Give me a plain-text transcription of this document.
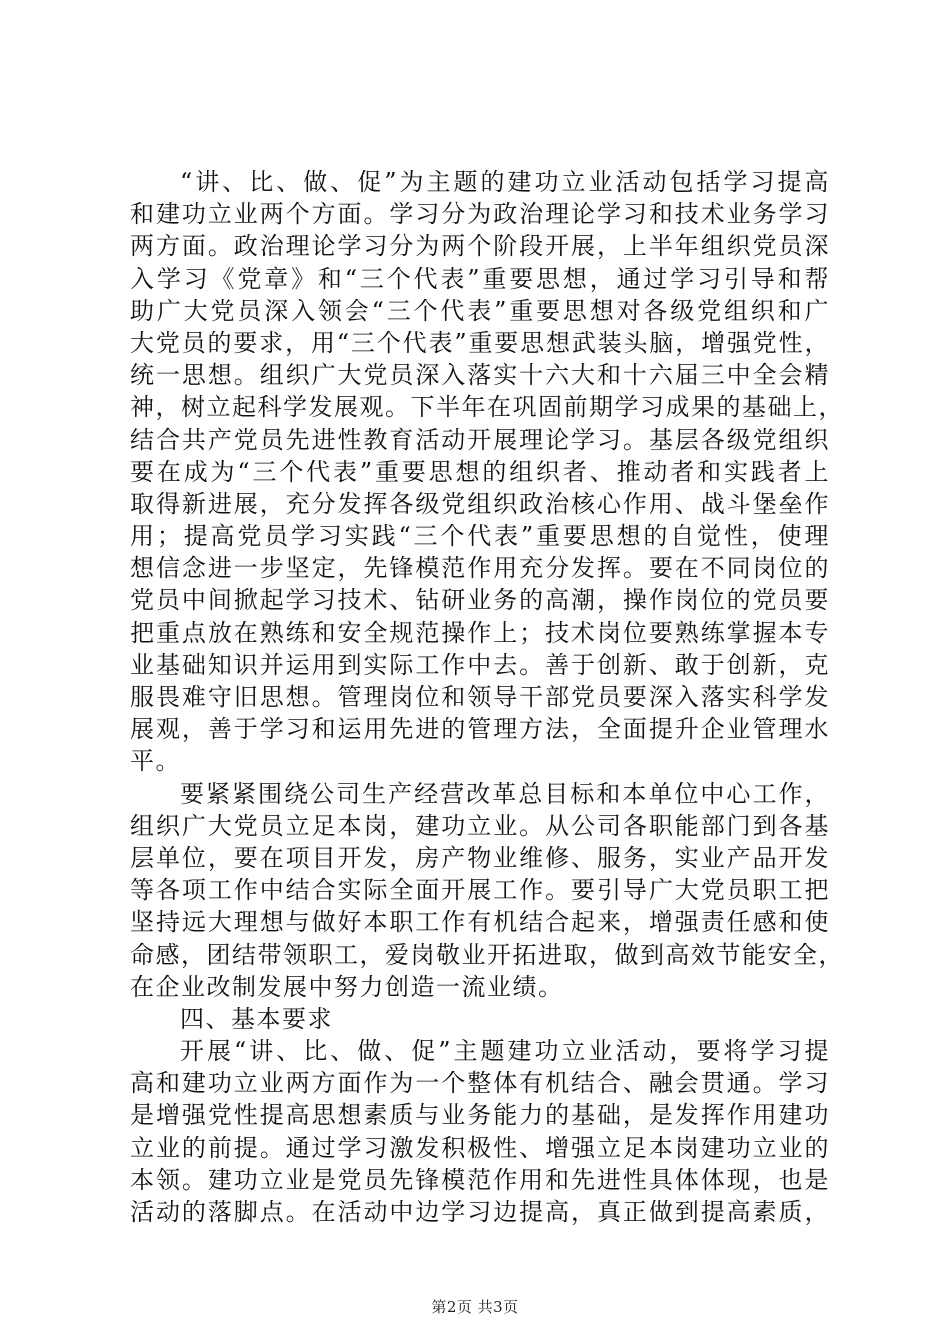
“讲、比、做、促”为主题的建功立业活动包括学习提高
和建功立业两个方面。学习分为政治理论学习和技术业务学习
两方面。政治理论学习分为两个阶段开展，上半年组织党员深
入学习《党章》和“三个代表”重要思想，通过学习引导和帮
助广大党员深入领会“三个代表”重要思想对各级党组织和广
大党员的要求，用“三个代表”重要思想武装头脑，增强党性，
统一思想。组织广大党员深入落实十六大和十六届三中全会精
神，树立起科学发展观。下半年在巩固前期学习成果的基础上，
结合共产党员先进性教育活动开展理论学习。基层各级党组织
要在成为“三个代表”重要思想的组织者、推动者和实践者上
取得新进展，充分发挥各级党组织政治核心作用、战斗堡垒作
用；提高党员学习实践“三个代表”重要思想的自觉性，使理
想信念进一步坚定，先锋模范作用充分发挥。要在不同岗位的
党员中间掀起学习技术、钻研业务的高潮，操作岗位的党员要
把重点放在熟练和安全规范操作上；技术岗位要熟练掌握本专
业基础知识并运用到实际工作中去。善于创新、敢于创新，克
服畏难守旧思想。管理岗位和领导干部党员要深入落实科学发
展观，善于学习和运用先进的管理方法，全面提升企业管理水
平。
要紧紧围绕公司生产经营改革总目标和本单位中心工作，
组织广大党员立足本岗，建功立业。从公司各职能部门到各基
层单位，要在项目开发，房产物业维修、服务，实业产品开发
等各项工作中结合实际全面开展工作。要引导广大党员职工把
坚持远大理想与做好本职工作有机结合起来，增强责任感和使
命感，团结带领职工，爱岗敬业开拓进取，做到高效节能安全，
在企业改制发展中努力创造一流业绩。
四、基本要求
开展“讲、比、做、促”主题建功立业活动，要将学习提
高和建功立业两方面作为一个整体有机结合、融会贯通。学习
是增强党性提高思想素质与业务能力的基础，是发挥作用建功
立业的前提。通过学习激发积极性、增强立足本岗建功立业的
本领。建功立业是党员先锋模范作用和先进性具体体现，也是
活动的落脚点。在活动中边学习边提高，真正做到提高素质，
第2页 共3页
